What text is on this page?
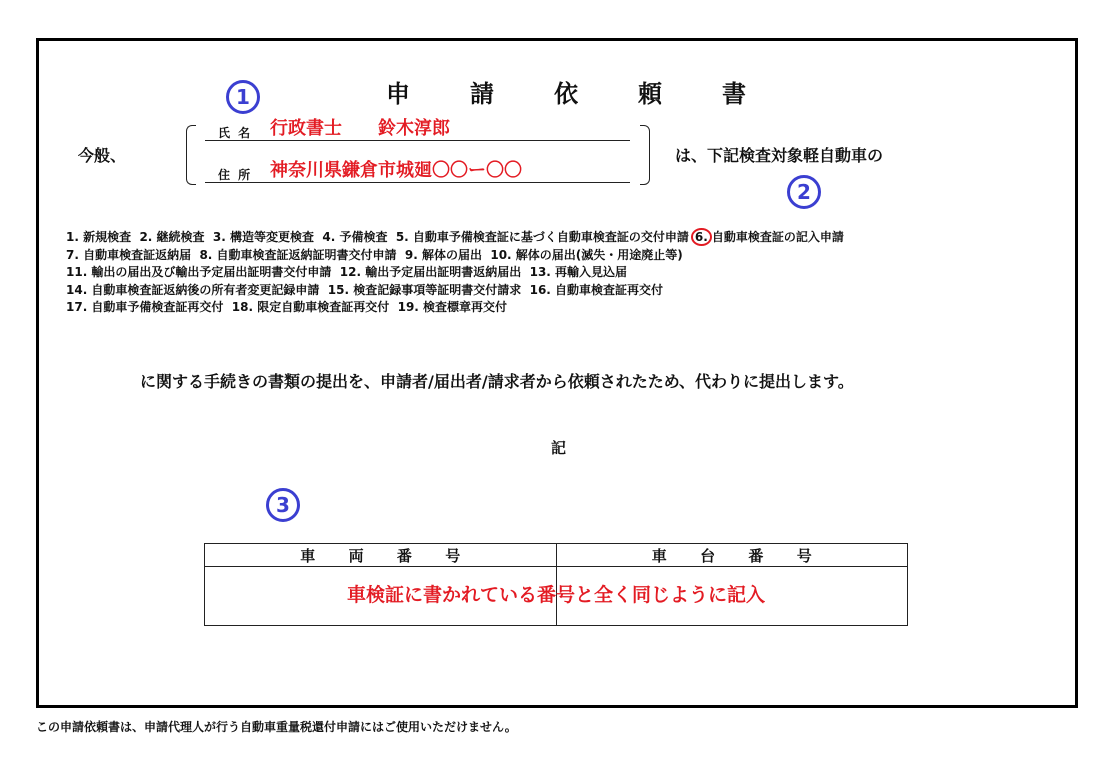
申	請	依	頼	書
1
2
3
今般、
氏 名 行政書士　　鈴木淳郎
住 所 神奈川県鎌倉市城廻〇〇ー〇〇
は、下記検査対象軽自動車の
1. 新規検査 2. 継続検査 3. 構造等変更検査 4. 予備検査 5. 自動車予備検査証に基づく自動車検査証の交付申請 6. 自動車検査証の記入申請
7. 自動車検査証返納届 8. 自動車検査証返納証明書交付申請 9. 解体の届出 10. 解体の届出(滅失・用途廃止等)
11. 輸出の届出及び輸出予定届出証明書交付申請 12. 輸出予定届出証明書返納届出 13. 再輸入見込届
14. 自動車検査証返納後の所有者変更記録申請 15. 検査記録事項等証明書交付請求 16. 自動車検査証再交付
17. 自動車予備検査証再交付 18. 限定自動車検査証再交付 19. 検査標章再交付
に関する手続きの書類の提出を、申請者/届出者/請求者から依頼されたため、代わりに提出します。
記
車 両 番 号	車 台 番 号

車検証に書かれている番号と全く同じように記入
この申請依頼書は、申請代理人が行う自動車重量税還付申請にはご使用いただけません。
